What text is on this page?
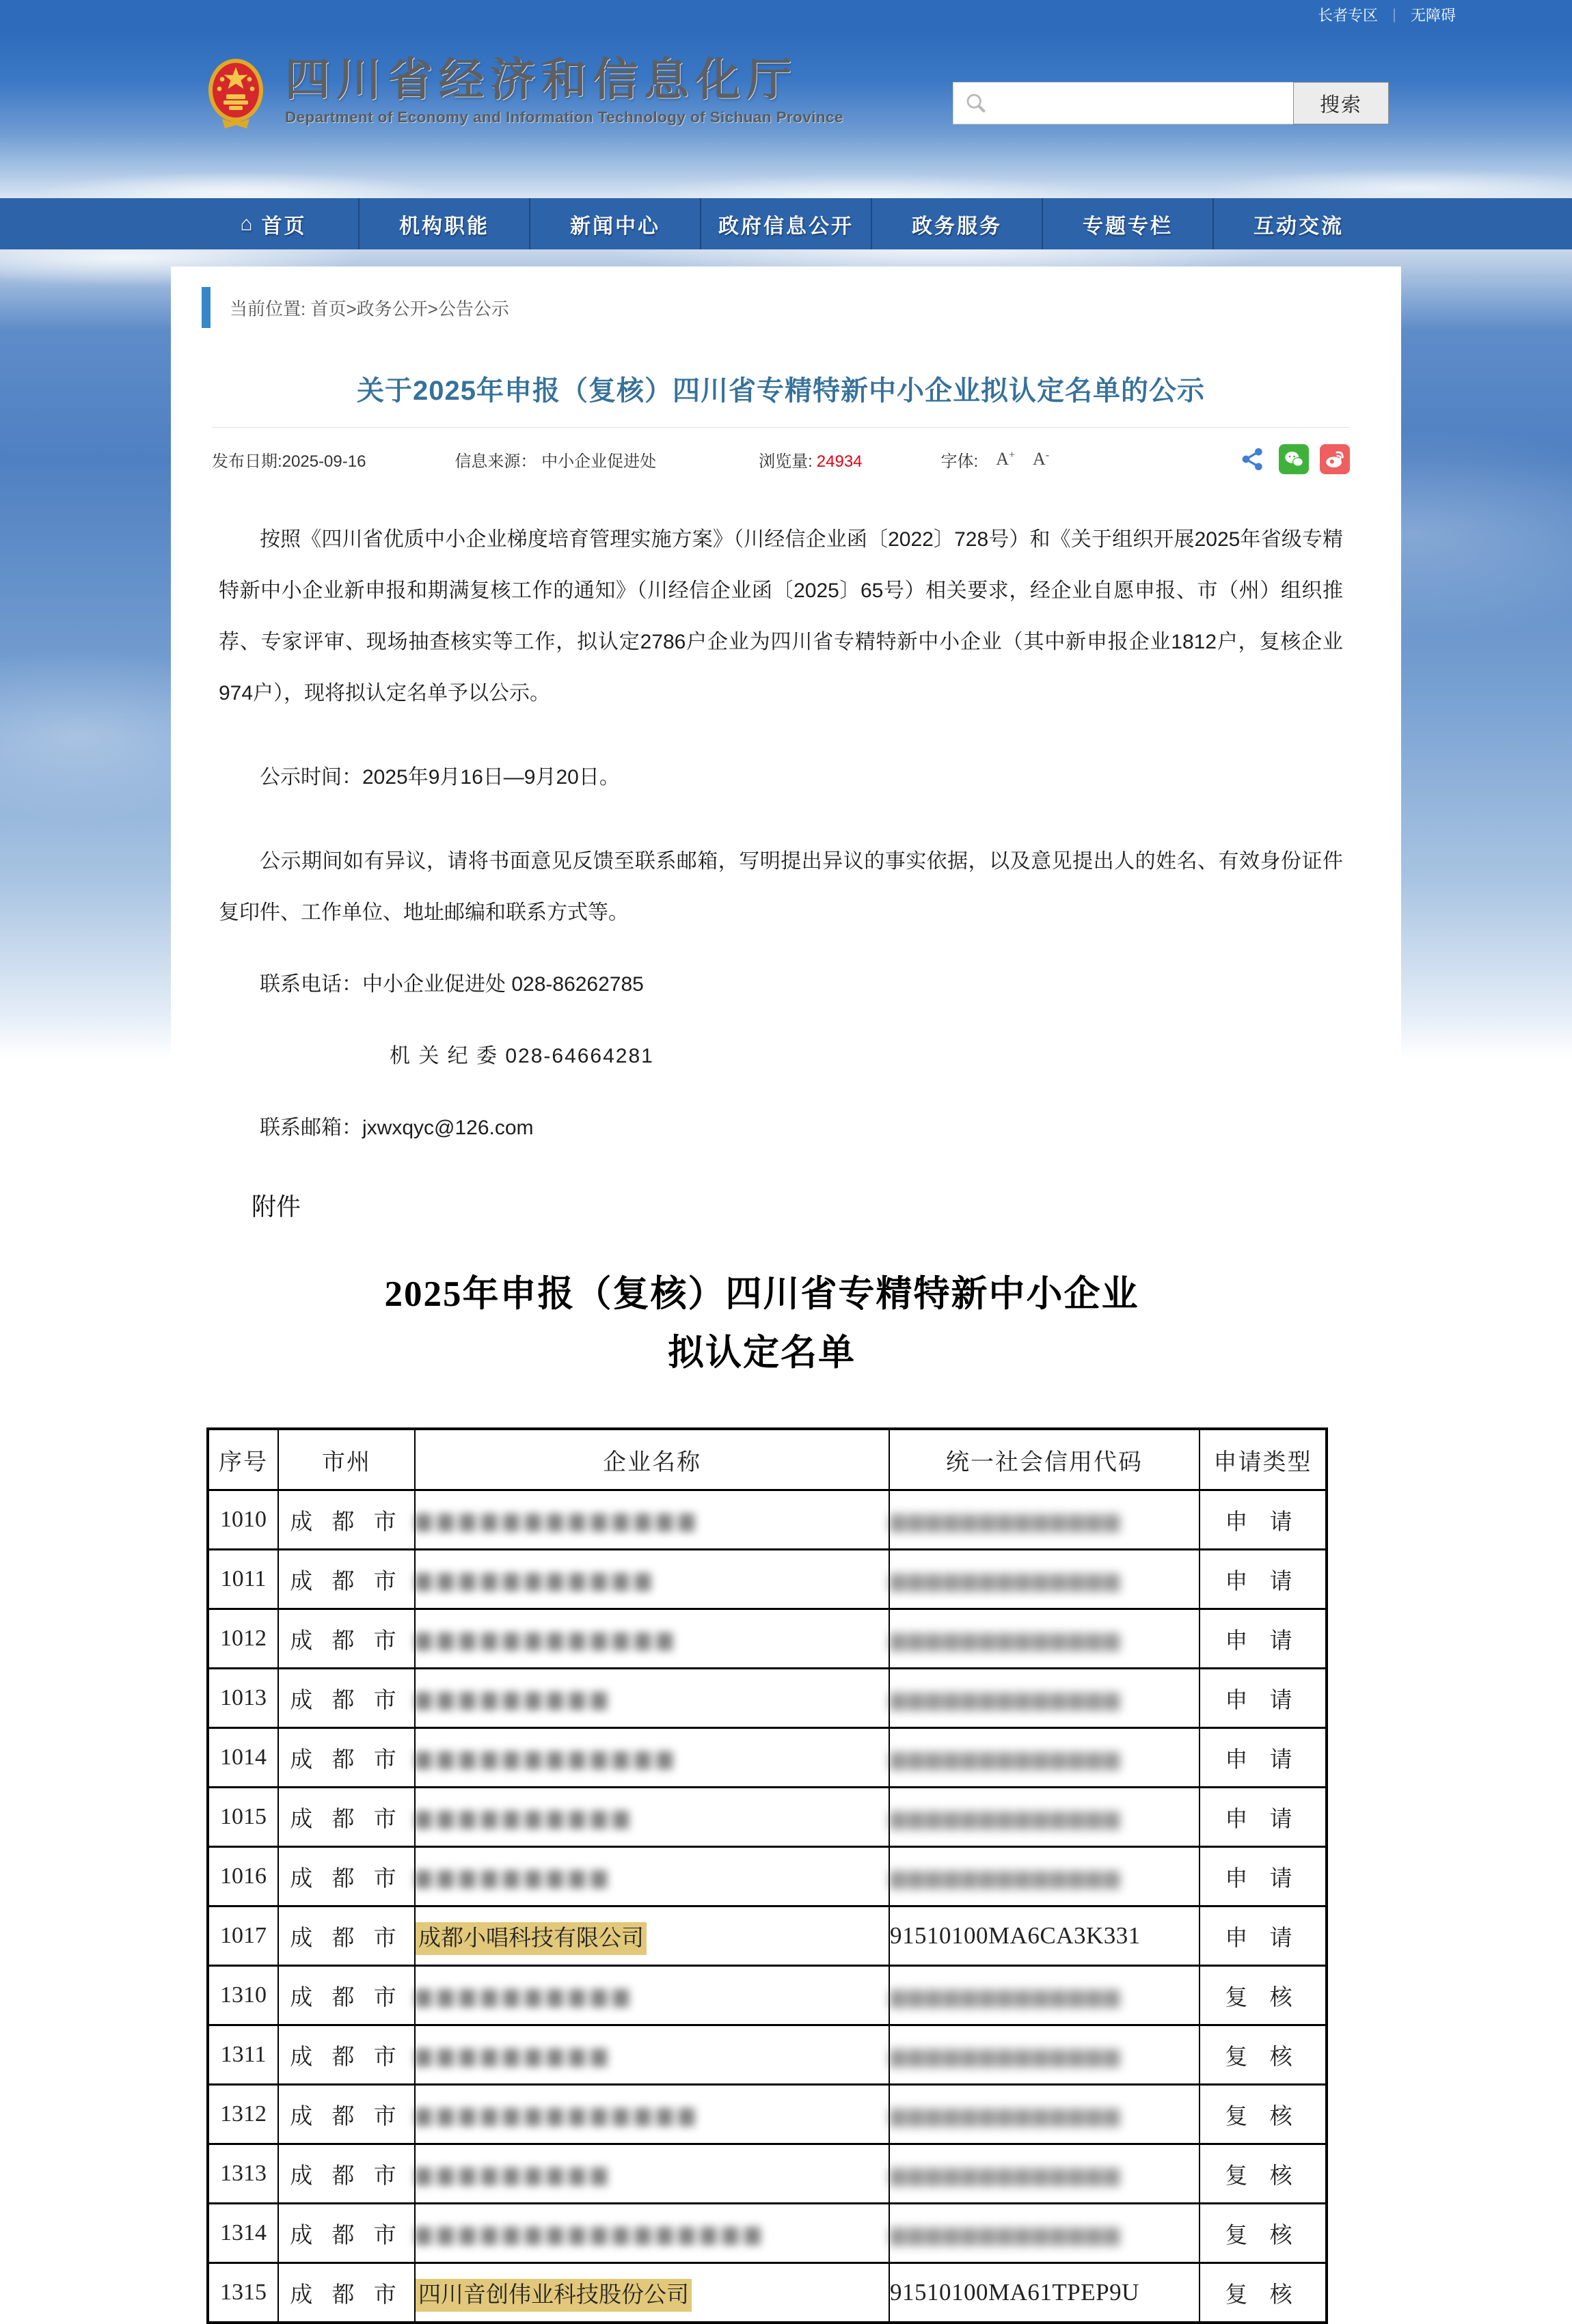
长者专区 ｜ 无障碍
四川省经济和信息化厅
Department of Economy and Information Technology of Sichuan Province
搜索
⌂ 首页	机构职能	新闻中心	政府信息公开	政务服务	专题专栏	互动交流
当前位置: 首页>政务公开>公告公示
关于2025年申报（复核）四川省专精特新中小企业拟认定名单的公示
发布日期:2025-09-16	信息来源： 中小企业促进处	浏览量: 24934	字体: A+ A-

按照《四川省优质中小企业梯度培育管理实施方案》（川经信企业函〔2022〕728号）和《关于组织开展2025年省级专精特新中小企业新申报和期满复核工作的通知》（川经信企业函〔2025〕65号）相关要求，经企业自愿申报、市（州）组织推荐、专家评审、现场抽查核实等工作，拟认定2786户企业为四川省专精特新中小企业（其中新申报企业1812户，复核企业974户），现将拟认定名单予以公示。

公示时间：2025年9月16日—9月20日。

公示期间如有异议，请将书面意见反馈至联系邮箱，写明提出异议的事实依据，以及意见提出人的姓名、有效身份证件复印件、工作单位、地址邮编和联系方式等。

联系电话：中小企业促进处 028-86262785

机 关 纪 委 028-64664281

联系邮箱：jxwxqyc@126.com

附件
2025年申报（复核）四川省专精特新中小企业
拟认定名单
序号	市州	企业名称	统一社会信用代码	申请类型
1010	成 都 市	▆▆▆▆▆▆▆▆▆▆▆▆▆	▆▆▆▆▆▆▆▆▆▆▆▆▆	申 请
1011	成 都 市	▆▆▆▆▆▆▆▆▆▆▆	▆▆▆▆▆▆▆▆▆▆▆▆▆	申 请
1012	成 都 市	▆▆▆▆▆▆▆▆▆▆▆▆	▆▆▆▆▆▆▆▆▆▆▆▆▆	申 请
1013	成 都 市	▆▆▆▆▆▆▆▆▆	▆▆▆▆▆▆▆▆▆▆▆▆▆	申 请
1014	成 都 市	▆▆▆▆▆▆▆▆▆▆▆▆	▆▆▆▆▆▆▆▆▆▆▆▆▆	申 请
1015	成 都 市	▆▆▆▆▆▆▆▆▆▆	▆▆▆▆▆▆▆▆▆▆▆▆▆	申 请
1016	成 都 市	▆▆▆▆▆▆▆▆▆	▆▆▆▆▆▆▆▆▆▆▆▆▆	申 请
1017	成 都 市	成都小唱科技有限公司	91510100MA6CA3K331	申 请
1310	成 都 市	▆▆▆▆▆▆▆▆▆▆	▆▆▆▆▆▆▆▆▆▆▆▆▆	复 核
1311	成 都 市	▆▆▆▆▆▆▆▆▆	▆▆▆▆▆▆▆▆▆▆▆▆▆	复 核
1312	成 都 市	▆▆▆▆▆▆▆▆▆▆▆▆▆	▆▆▆▆▆▆▆▆▆▆▆▆▆	复 核
1313	成 都 市	▆▆▆▆▆▆▆▆▆	▆▆▆▆▆▆▆▆▆▆▆▆▆	复 核
1314	成 都 市	▆▆▆▆▆▆▆▆▆▆▆▆▆▆▆▆	▆▆▆▆▆▆▆▆▆▆▆▆▆	复 核
1315	成 都 市	四川音创伟业科技股份公司	91510100MA61TPEP9U	复 核
